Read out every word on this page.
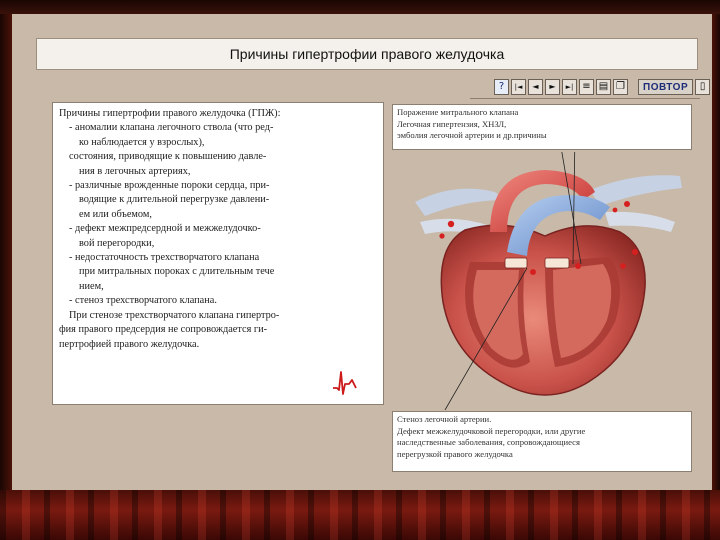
Причины гипертрофии правого желудочка
? |◄ ◄ ► ►| ≡ ▤ ❐	ПОВТОР	▯

Причины гипертрофии правого желудочка (ГПЖ):

- аномалии клапана легочного ствола (что ред-

ко наблюдается у взрослых),

состояния, приводящие к повышению давле-

ния в легочных артериях,

- различные врожденные пороки сердца, при-

водящие к длительной перегрузке давлени-

ем или объемом,

- дефект межпредсердной и межжелудочко-

вой перегородки,

- недостаточность трехстворчатого клапана

при митральных пороках с длительным тече

нием,

- стеноз трехстворчатого клапана.

При стенозе трехстворчатого клапана гипертро-

фия правого предсердия не сопровождается ги-

пертрофией правого желудочка.

Поражение митрального клапана

Легочная гипертензия, ХНЗЛ,

эмболия легочной артерии и др.причины

Стеноз легочной артерии.

Дефект межжелудочковой перегородки, или другие

наследственные заболевания, сопровождающиеся

перегрузкой правого желудочка
